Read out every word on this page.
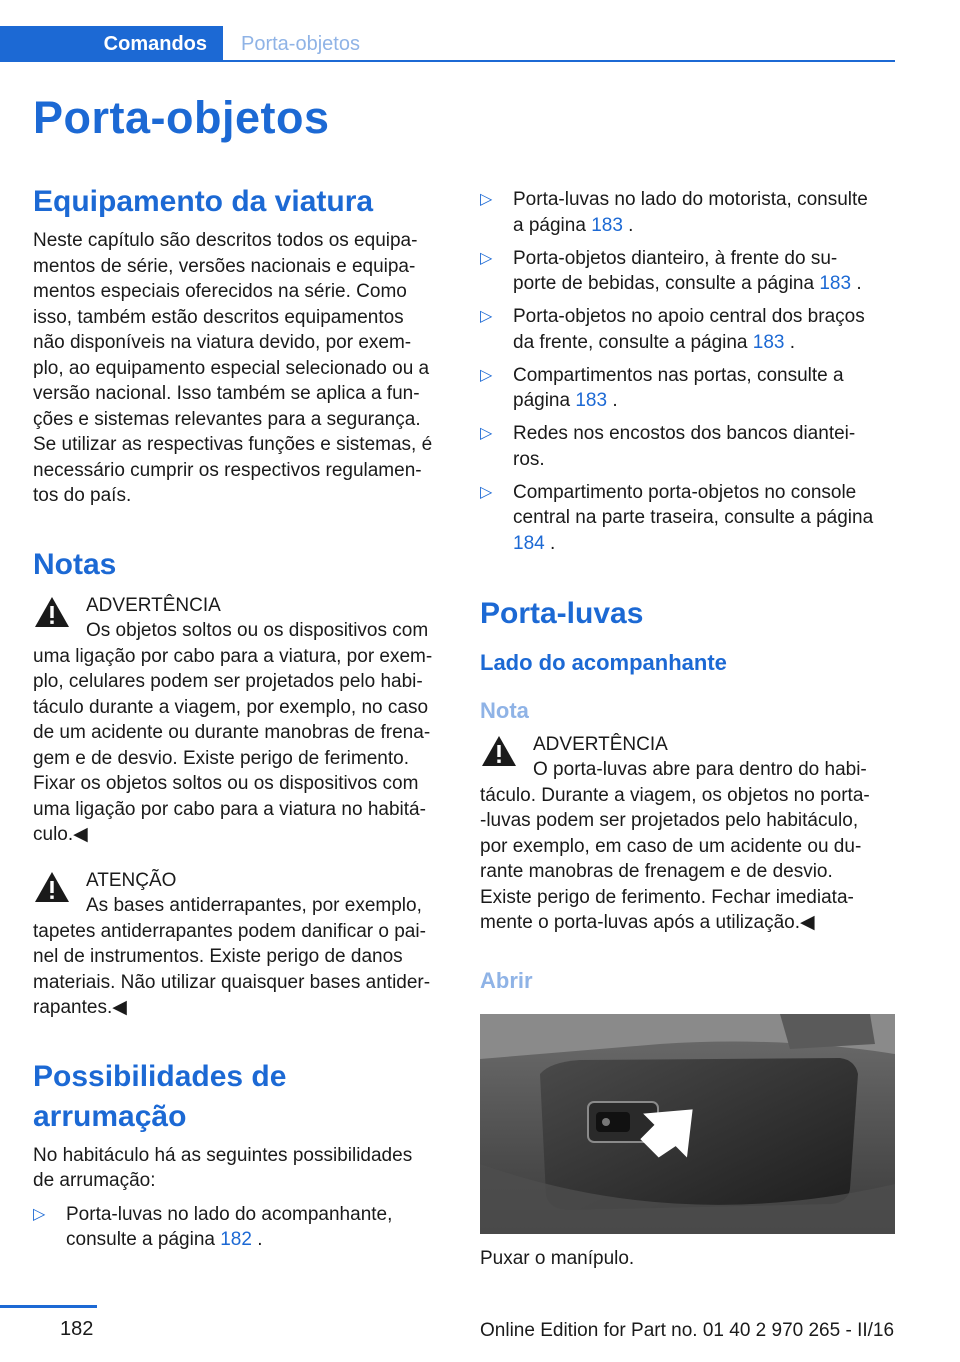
Comandos	Porta-objetos
Porta-objetos
Equipamento da viatura

Neste capítulo são descritos todos os equipa‐

mentos de série, versões nacionais e equipa‐

mentos especiais oferecidos na série. Como

isso, também estão descritos equipamentos

não disponíveis na viatura devido, por exem‐

plo, ao equipamento especial selecionado ou a

versão nacional. Isso também se aplica a fun‐

ções e sistemas relevantes para a segurança.

Se utilizar as respectivas funções e sistemas, é

necessário cumprir os respectivos regulamen‐

tos do país.

Notas

ADVERTÊNCIA

Os objetos soltos ou os dispositivos com

uma ligação por cabo para a viatura, por exem‐

plo, celulares podem ser projetados pelo habi‐

táculo durante a viagem, por exemplo, no caso

de um acidente ou durante manobras de frena‐

gem e de desvio. Existe perigo de ferimento.

Fixar os objetos soltos ou os dispositivos com

uma ligação por cabo para a viatura no habitá‐

culo.◀

ATENÇÃO

As bases antiderrapantes, por exemplo,

tapetes antiderrapantes podem danificar o pai‐

nel de instrumentos. Existe perigo de danos

materiais. Não utilizar quaisquer bases antider‐

rapantes.◀

Possibilidades de arrumação

No habitáculo há as seguintes possibilidades

de arrumação:

▷ Porta-luvas no lado do acompanhante,
consulte a página 182 .
▷ Porta-luvas no lado do motorista, consulte
a página 183 .
▷ Porta-objetos dianteiro, à frente do su‐
porte de bebidas, consulte a página 183 .
▷ Porta-objetos no apoio central dos braços
da frente, consulte a página 183 .
▷ Compartimentos nas portas, consulte a
página 183 .
▷ Redes nos encostos dos bancos diantei‐
ros.
▷ Compartimento porta-objetos no console
central na parte traseira, consulte a página
184 .
Porta-luvas
Lado do acompanhante
Nota

ADVERTÊNCIA

O porta-luvas abre para dentro do habi‐

táculo. Durante a viagem, os objetos no porta‐

-luvas podem ser projetados pelo habitáculo,

por exemplo, em caso de um acidente ou du‐

rante manobras de frenagem e de desvio.

Existe perigo de ferimento. Fechar imediata‐

mente o porta-luvas após a utilização.◀

Abrir

Puxar o manípulo.

182	Online Edition for Part no. 01 40 2 970 265 - II/16
